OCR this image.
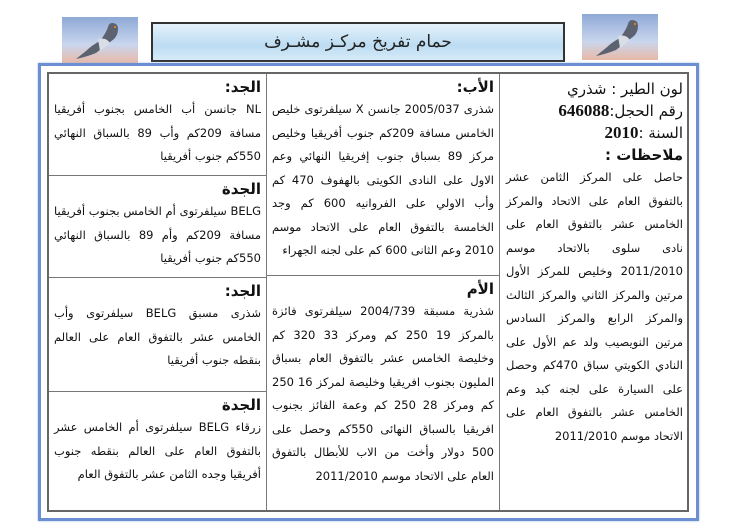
حمام تفريخ مركـز مشـرف
لون الطير : شذري
رقم الحجل:646088
السنة :2010
ملاحظات :
حاصل على المركز الثامن عشر بالتفوق العام على الاتحاد والمركز الخامس عشر بالتفوق العام على نادى سلوى بالاتحاد موسم 2011/2010 وخليص للمركز الأول مرتين والمركز الثاني والمركز الثالث والمركز الرابع والمركز السادس مرتين النويصيب ولد عم الأول على النادي الكويتي سباق 470كم وحصل على السيارة على لجنه كبد وعم الخامس عشر بالتفوق العام على الاتحاد موسم 2011/2010
الأب:
شذرى 2005/037 جانسن X سيلفرتوى خليص الخامس مسافة 209كم جنوب أفريقيا وخليص مركز 89 بسباق جنوب إفريقيا النهائي وعم الاول على النادى الكويتى بالهفوف 470 كم وأب الاولي على الفروانيه 600 كم وجد الخامسة بالتفوق العام على الاتحاد موسم 2010 وعم الثانى 600 كم على لجنه الجهراء
الأم
شذرية مسبقة 2004/739 سيلفرتوى فائزة بالمركز 19 250 كم ومركز 33 320 كم وخليصة الخامس عشر بالتفوق العام بسباق المليون بجنوب افريقيا وخليصة لمركز 16 250 كم ومركز 28 250 كم وعمة الفائز بجنوب افريقيا بالسباق النهائى 550كم وحصل على 500 دولار وأخت من الاب للأبطال بالتفوق العام على الاتحاد موسم 2011/2010
الجد:
NL جانسن أب الخامس بجنوب أفريقيا مسافة 209كم وأب 89 بالسباق النهائي 550كم جنوب أفريقيا
الجدة
BELG سيلفرتوى أم الخامس بجنوب أفريقيا مسافة 209كم وأم 89 بالسباق النهائي 550كم جنوب أفريقيا
الجد:
شذرى مسبق BELG سيلفرتوى وأب الخامس عشر بالتفوق العام على العالم بنقطه جنوب أفريقيا
الجدة
زرقاء BELG سيلفرتوى أم الخامس عشر بالتفوق العام على العالم بنقطه جنوب أفريقيا وجده الثامن عشر بالتفوق العام
